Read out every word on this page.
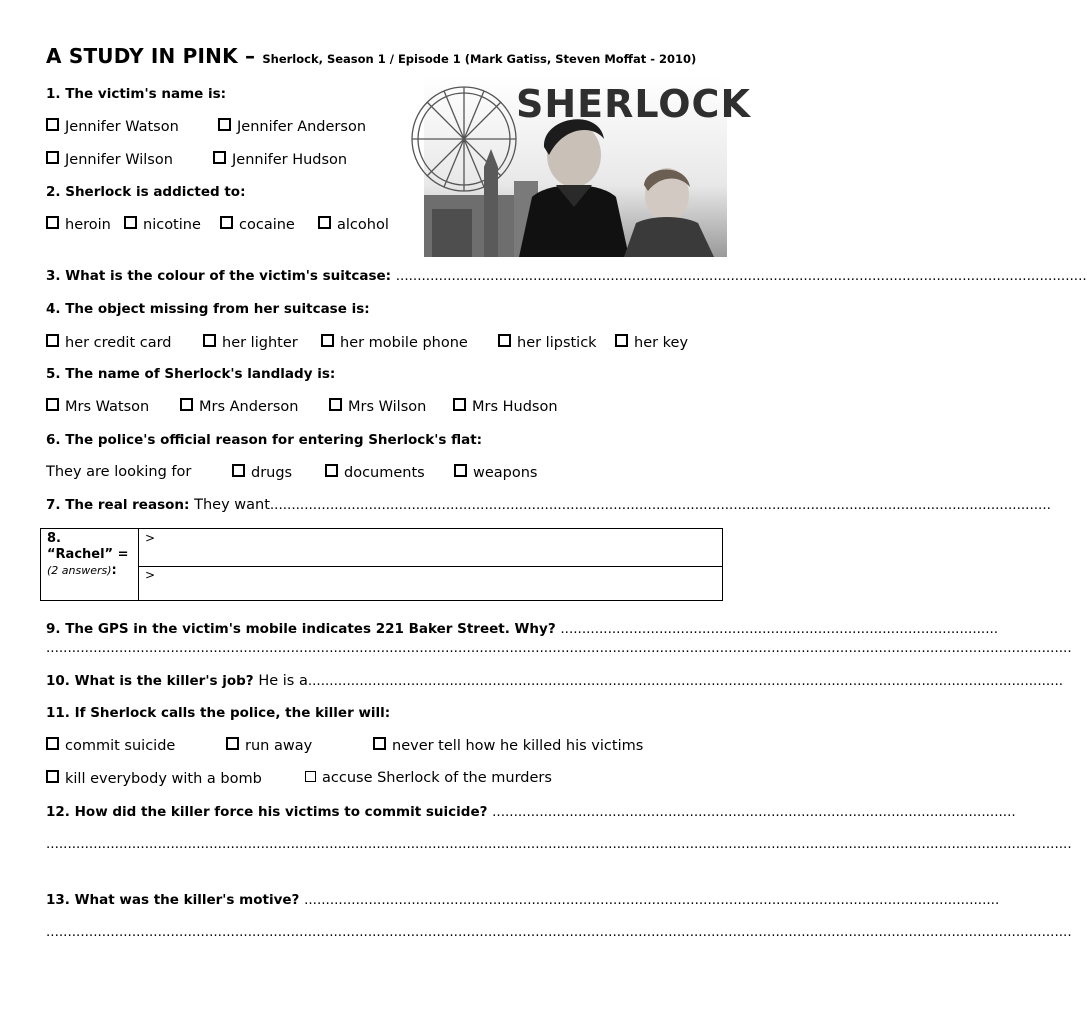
A STUDY IN PINK – Sherlock, Season 1 / Episode 1 (Mark Gatiss, Steven Moffat - 2010)
SHERLOCK
1. The victim's name is:
Jennifer Watson	Jennifer Anderson
Jennifer Wilson	Jennifer Hudson
2. Sherlock is addicted to:
heroin	nicotine	cocaine	alcohol
3. What is the colour of the victim's suitcase: .................................................................................................................................................................
4. The object missing from her suitcase is:
her credit card	her lighter	her mobile phone	her lipstick	her key
5. The name of Sherlock's landlady is:
Mrs Watson	Mrs Anderson	Mrs Wilson	Mrs Hudson
6. The police's official reason for entering Sherlock's flat:
They are looking for	drugs	documents	weapons
7. The real reason: They want......................................................................................................................................................................................
8.
“Rachel” =
(2 answers):
>
>
9. The GPS in the victim's mobile indicates 221 Baker Street. Why? ......................................................................................................
...............................................................................................................................................................................................................................................
10. What is the killer's job? He is a................................................................................................................................................................................
11. If Sherlock calls the police, the killer will:
commit suicide	run away	never tell how he killed his victims
kill everybody with a bomb	accuse Sherlock of the murders
12. How did the killer force his victims to commit suicide? ..........................................................................................................................
...............................................................................................................................................................................................................................................
13. What was the killer's motive? ..................................................................................................................................................................
...............................................................................................................................................................................................................................................
